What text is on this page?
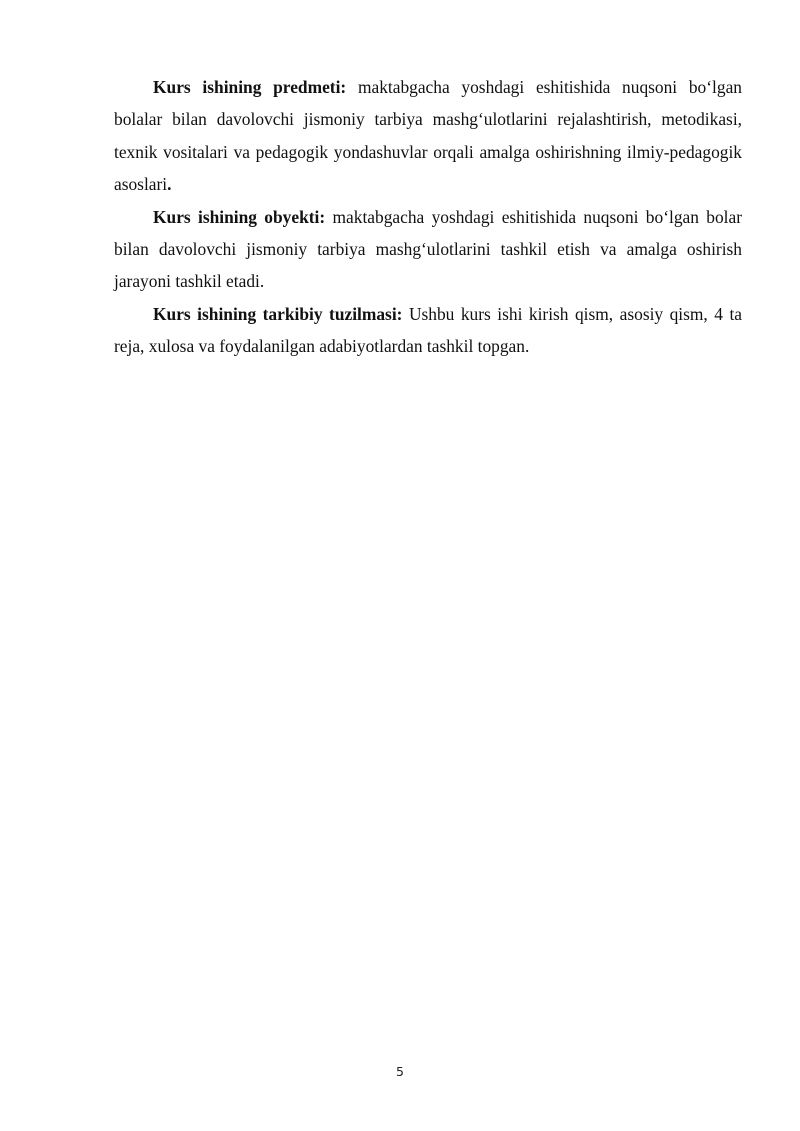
Kurs ishining predmeti: maktabgacha yoshdagi eshitishida nuqsoni boʻlgan bolalar bilan davolovchi jismoniy tarbiya mashgʻulotlarini rejalashtirish, metodikasi, texnik vositalari va pedagogik yondashuvlar orqali amalga oshirishning ilmiy-pedagogik asoslari.

Kurs ishining obyekti: maktabgacha yoshdagi eshitishida nuqsoni boʻlgan bolar bilan davolovchi jismoniy tarbiya mashgʻulotlarini tashkil etish va amalga oshirish jarayoni tashkil etadi.

Kurs ishining tarkibiy tuzilmasi: Ushbu kurs ishi kirish qism, asosiy qism, 4 ta reja, xulosa va foydalanilgan adabiyotlardan tashkil topgan.

5
